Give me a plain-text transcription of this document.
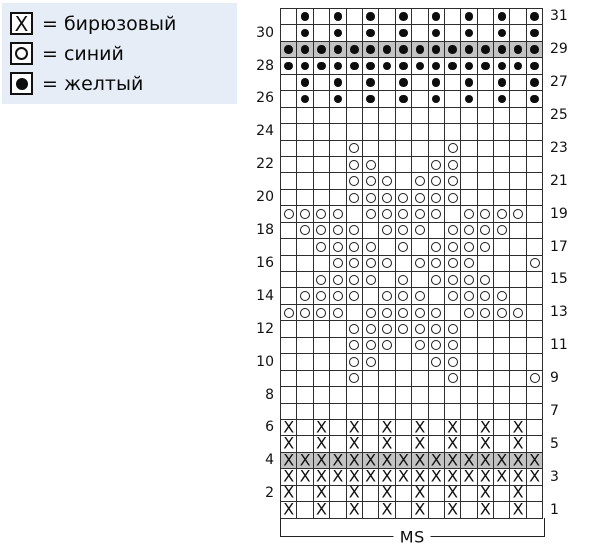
X = бирюзовый
= синий
= желтый
X X X X X X X X
X X X X X X X X
X X X X X X X X X X X X X X X X
X X X X X X X X X X X X X X X X
X X X X X X X X
X X X X X X X X
31
30
29
28
27
26
25
24
23
22
21
20
19
18
17
16
15
14
13
12
11
10
9
8
7
6
5
4
3
2
1
MS
